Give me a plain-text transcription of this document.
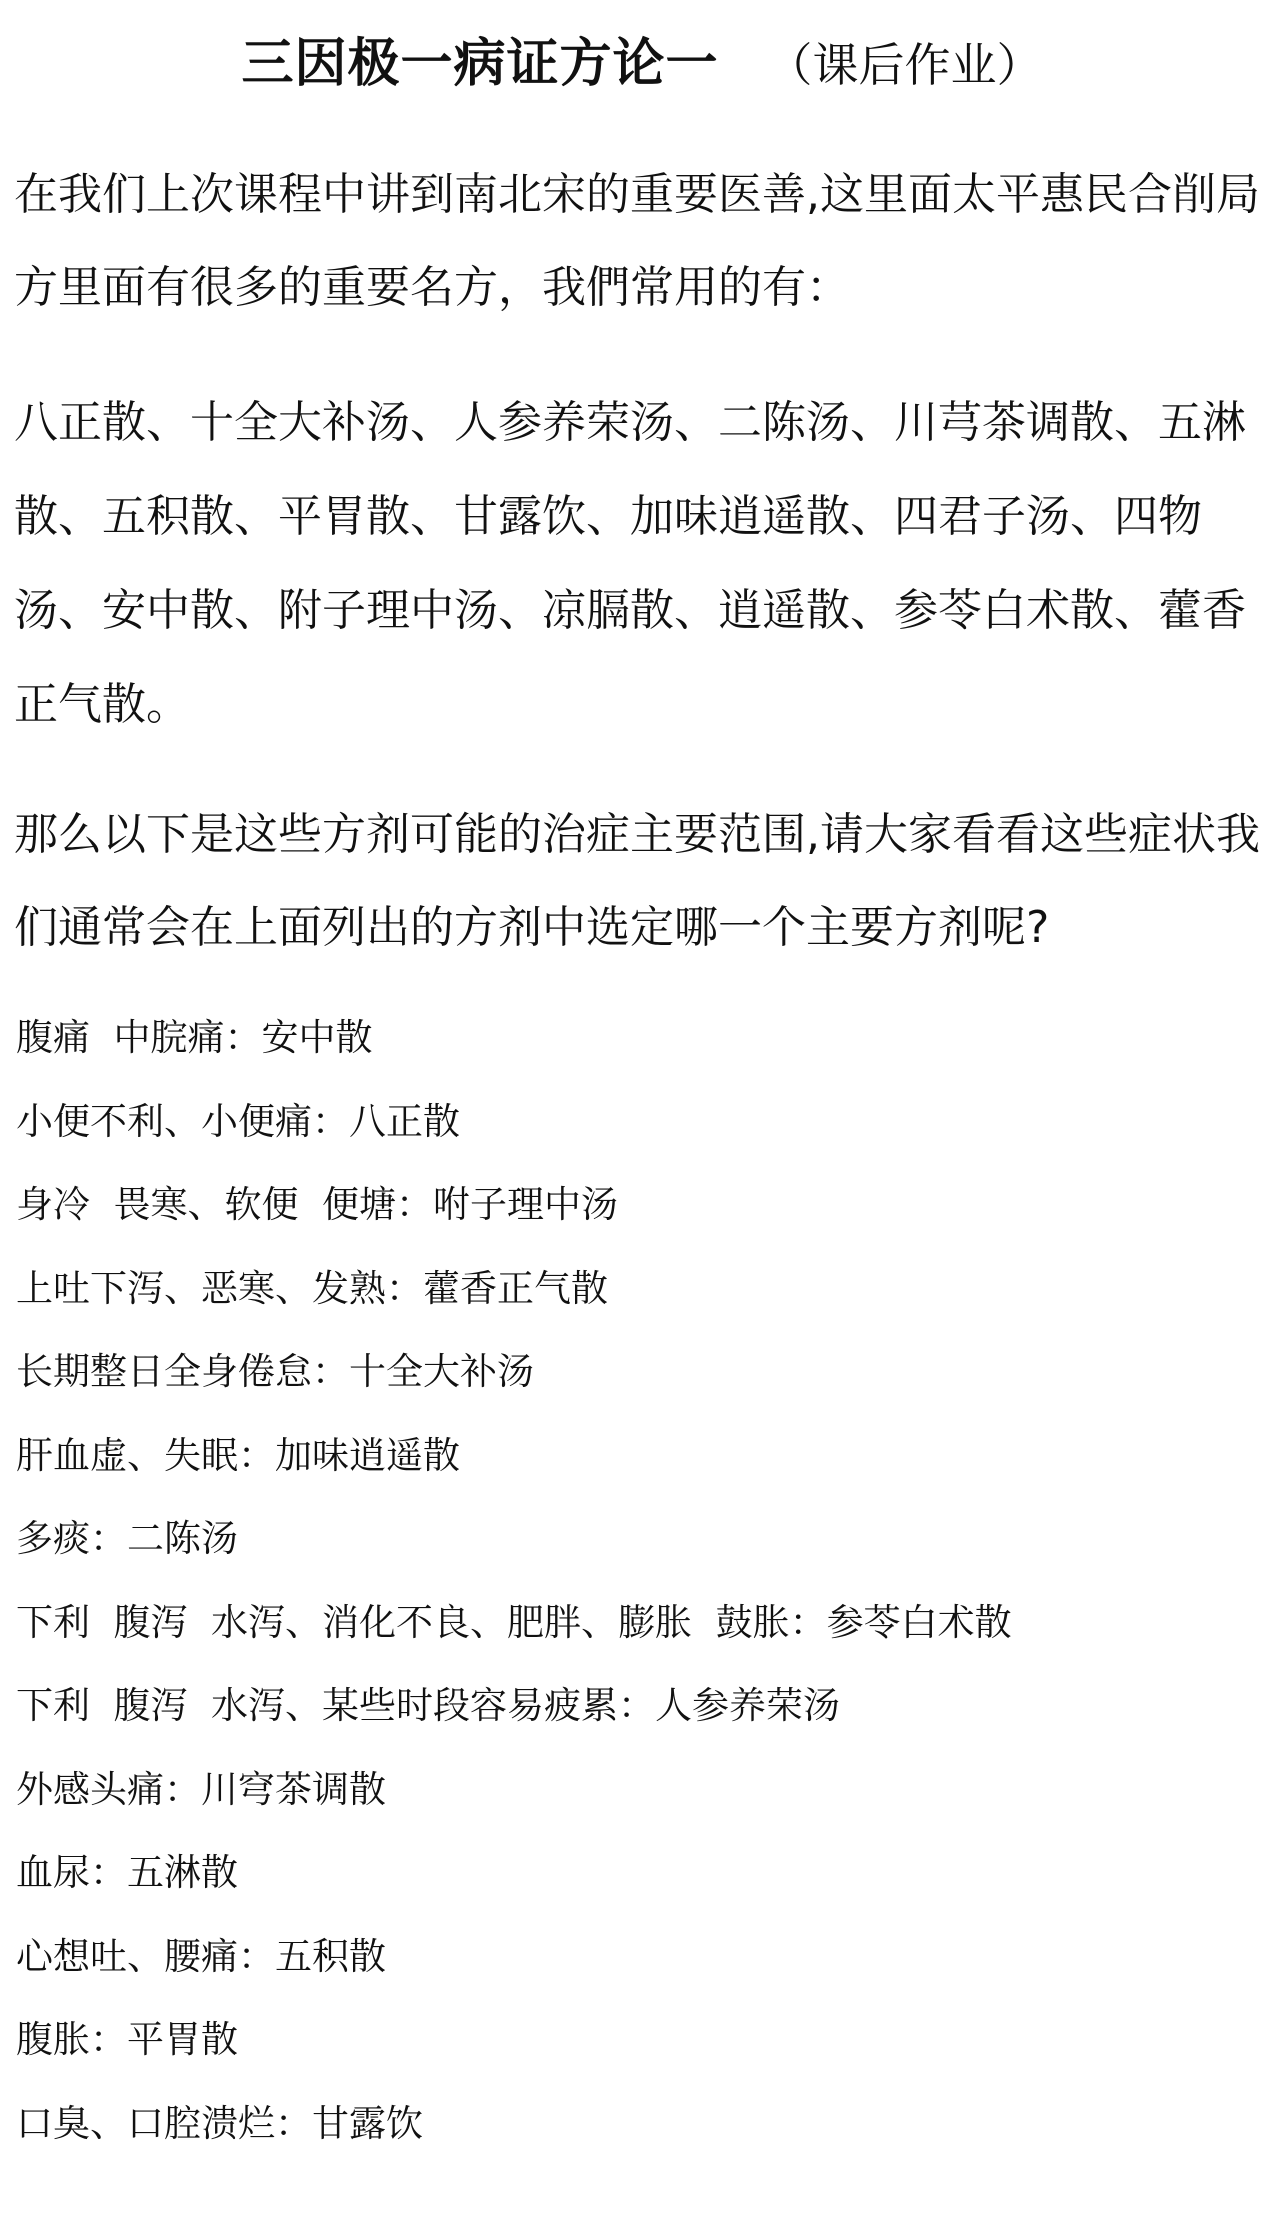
三因极一病证方论一 （课后作业）

在我们上次课程中讲到南北宋的重要医善,这里面太平惠民合削局方里面有很多的重要名方，我們常用的有：

八正散、十全大补汤、人参养荣汤、二陈汤、川芎茶调散、五淋散、五积散、平胃散、甘露饮、加味逍遥散、四君子汤、四物汤、安中散、附子理中汤、凉膈散、逍遥散、参苓白术散、藿香正气散。

那么以下是这些方剂可能的治症主要范围,请大家看看这些症状我们通常会在上面列出的方剂中选定哪一个主要方剂呢?

腹痛  中脘痛：安中散
小便不利、小便痛：八正散
身冷  畏寒、软便  便塘：咐子理中汤
上吐下泻、恶寒、发熟：藿香正气散
长期整日全身倦怠：十全大补汤
肝血虚、失眠：加味逍遥散
多痰：二陈汤
下利  腹泻  水泻、消化不良、肥胖、膨胀  鼓胀：参苓白术散
下利  腹泻  水泻、某些时段容易疲累：人参养荣汤
外感头痛：川穹茶调散
血尿：五淋散
心想吐、腰痛：五积散
腹胀：平胃散
口臭、口腔溃烂：甘露饮
